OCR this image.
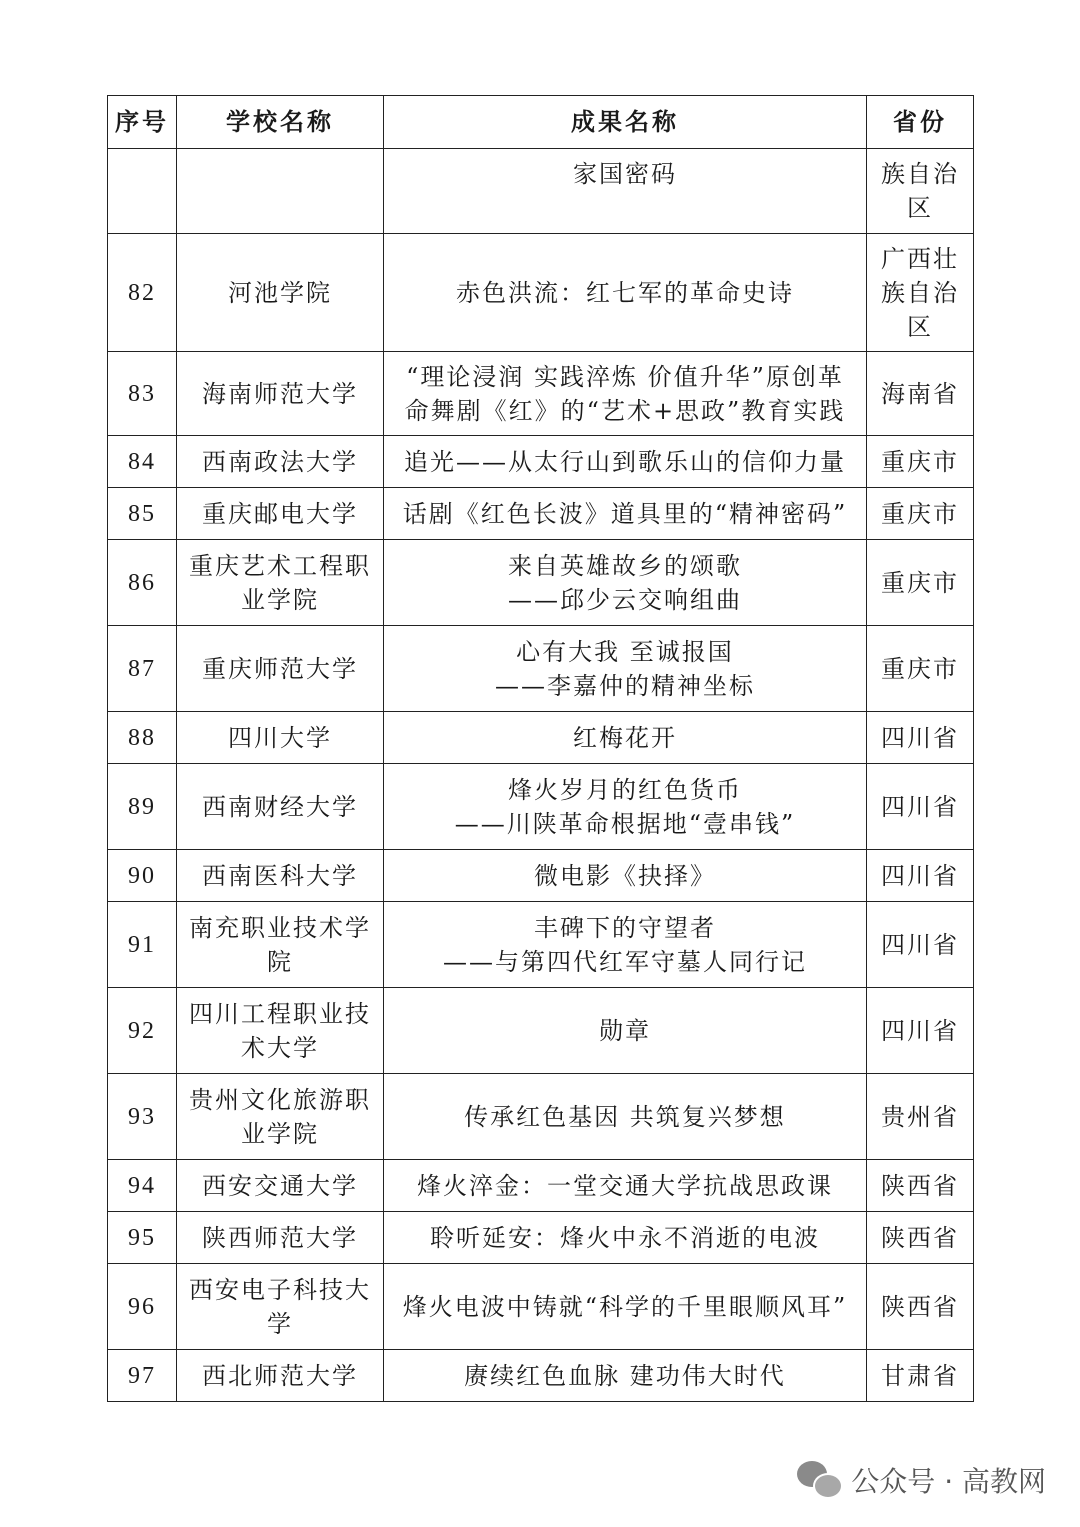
序号	学校名称	成果名称	省份
		家国密码	族自治
区
82	河池学院	赤色洪流：红七军的革命史诗	广西壮
族自治
区
83	海南师范大学	“理论浸润 实践淬炼 价值升华”原创革
命舞剧《红》的“艺术+思政”教育实践	海南省
84	西南政法大学	追光——从太行山到歌乐山的信仰力量	重庆市
85	重庆邮电大学	话剧《红色长波》道具里的“精神密码”	重庆市
86	重庆艺术工程职
业学院	来自英雄故乡的颂歌
——邱少云交响组曲	重庆市
87	重庆师范大学	心有大我 至诚报国
——李嘉仲的精神坐标	重庆市
88	四川大学	红梅花开	四川省
89	西南财经大学	烽火岁月的红色货币
——川陕革命根据地“壹串钱”	四川省
90	西南医科大学	微电影《抉择》	四川省
91	南充职业技术学
院	丰碑下的守望者
——与第四代红军守墓人同行记	四川省
92	四川工程职业技
术大学	勋章	四川省
93	贵州文化旅游职
业学院	传承红色基因 共筑复兴梦想	贵州省
94	西安交通大学	烽火淬金：一堂交通大学抗战思政课	陕西省
95	陕西师范大学	聆听延安：烽火中永不消逝的电波	陕西省
96	西安电子科技大
学	烽火电波中铸就“科学的千里眼顺风耳”	陕西省
97	西北师范大学	赓续红色血脉 建功伟大时代	甘肃省
公众号 · 高教网
